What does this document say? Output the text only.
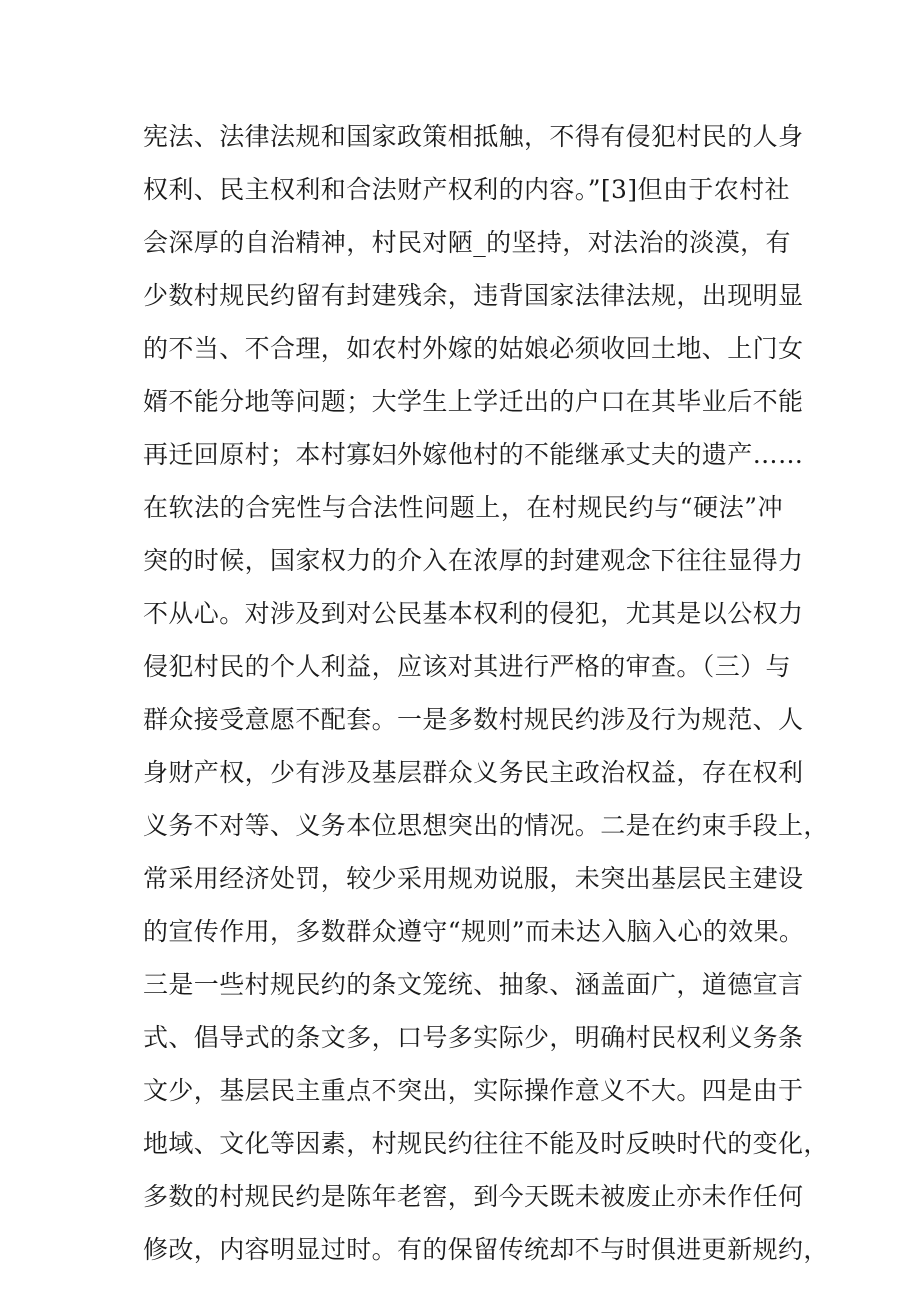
宪法、法律法规和国家政策相抵触，不得有侵犯村民的人身
权利、民主权利和合法财产权利的内容。”[3]但由于农村社
会深厚的自治精神，村民对陋_的坚持，对法治的淡漠，有
少数村规民约留有封建残余，违背国家法律法规，出现明显
的不当、不合理，如农村外嫁的姑娘必须收回土地、上门女
婿不能分地等问题；大学生上学迁出的户口在其毕业后不能
再迁回原村；本村寡妇外嫁他村的不能继承丈夫的遗产……
在软法的合宪性与合法性问题上，在村规民约与“硬法”冲
突的时候，国家权力的介入在浓厚的封建观念下往往显得力
不从心。对涉及到对公民基本权利的侵犯，尤其是以公权力
侵犯村民的个人利益，应该对其进行严格的审查。（三）与
群众接受意愿不配套。一是多数村规民约涉及行为规范、人
身财产权，少有涉及基层群众义务民主政治权益，存在权利
义务不对等、义务本位思想突出的情况。二是在约束手段上，
常采用经济处罚，较少采用规劝说服，未突出基层民主建设
的宣传作用，多数群众遵守“规则”而未达入脑入心的效果。
三是一些村规民约的条文笼统、抽象、涵盖面广，道德宣言
式、倡导式的条文多，口号多实际少，明确村民权利义务条
文少，基层民主重点不突出，实际操作意义不大。四是由于
地域、文化等因素，村规民约往往不能及时反映时代的变化，
多数的村规民约是陈年老窖，到今天既未被废止亦未作任何
修改，内容明显过时。有的保留传统却不与时俱进更新规约，
